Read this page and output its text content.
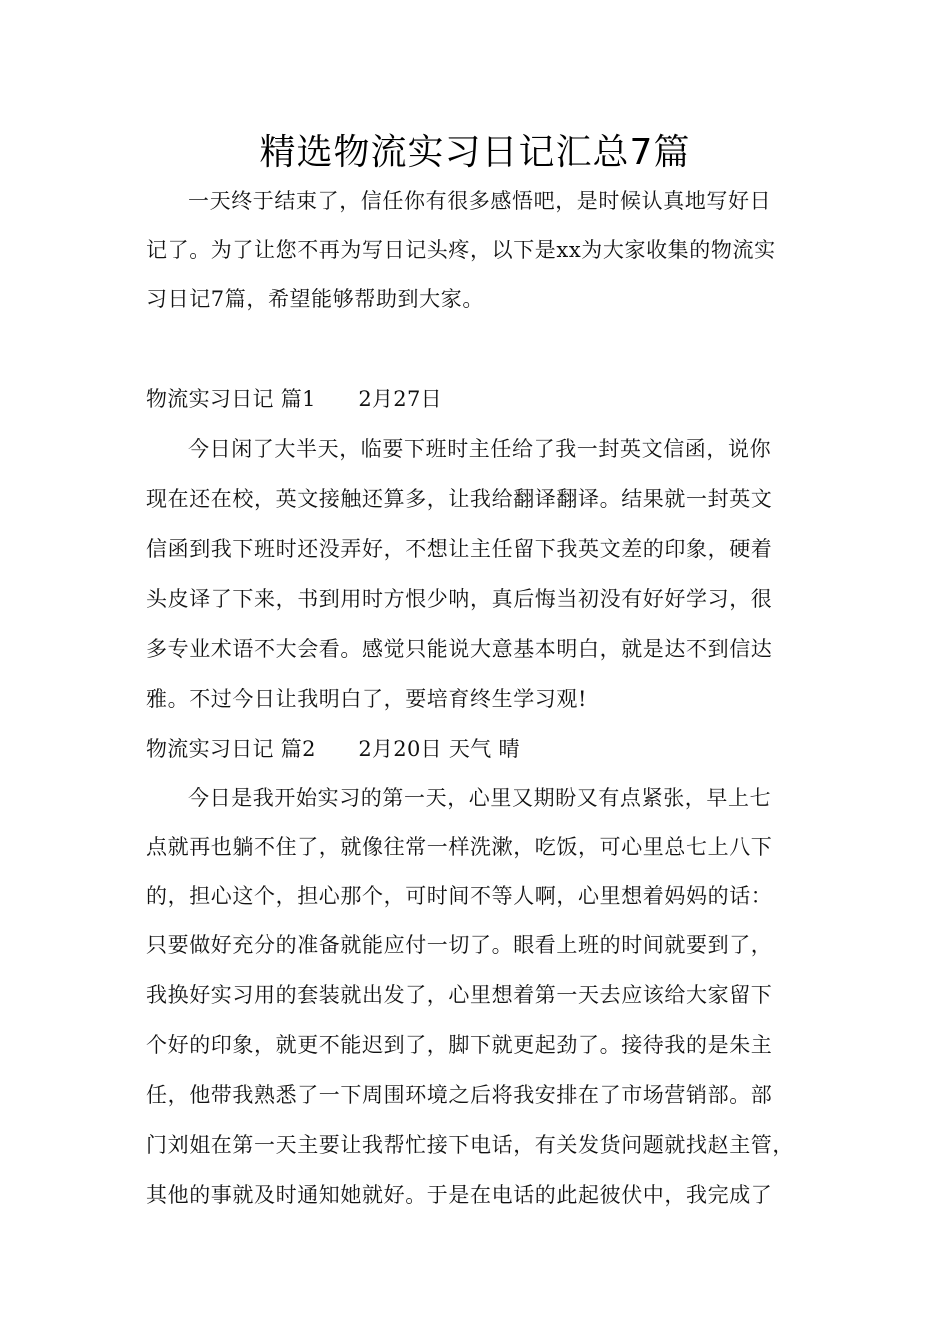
精选物流实习日记汇总7篇
一天终于结束了，信任你有很多感悟吧，是时候认真地写好日
记了。为了让您不再为写日记头疼，以下是xx为大家收集的物流实
习日记7篇，希望能够帮助到大家。
物流实习日记 篇1　　2月27日
今日闲了大半天，临要下班时主任给了我一封英文信函，说你
现在还在校，英文接触还算多，让我给翻译翻译。结果就一封英文
信函到我下班时还没弄好，不想让主任留下我英文差的印象，硬着
头皮译了下来，书到用时方恨少呐，真后悔当初没有好好学习，很
多专业术语不大会看。感觉只能说大意基本明白，就是达不到信达
雅。不过今日让我明白了，要培育终生学习观!
物流实习日记 篇2　　2月20日 天气 晴
今日是我开始实习的第一天，心里又期盼又有点紧张，早上七
点就再也躺不住了，就像往常一样洗漱，吃饭，可心里总七上八下
的，担心这个，担心那个，可时间不等人啊，心里想着妈妈的话：
只要做好充分的准备就能应付一切了。眼看上班的时间就要到了，
我换好实习用的套装就出发了，心里想着第一天去应该给大家留下
个好的印象，就更不能迟到了，脚下就更起劲了。接待我的是朱主
任，他带我熟悉了一下周围环境之后将我安排在了市场营销部。部
门刘姐在第一天主要让我帮忙接下电话，有关发货问题就找赵主管，
其他的事就及时通知她就好。于是在电话的此起彼伏中，我完成了
